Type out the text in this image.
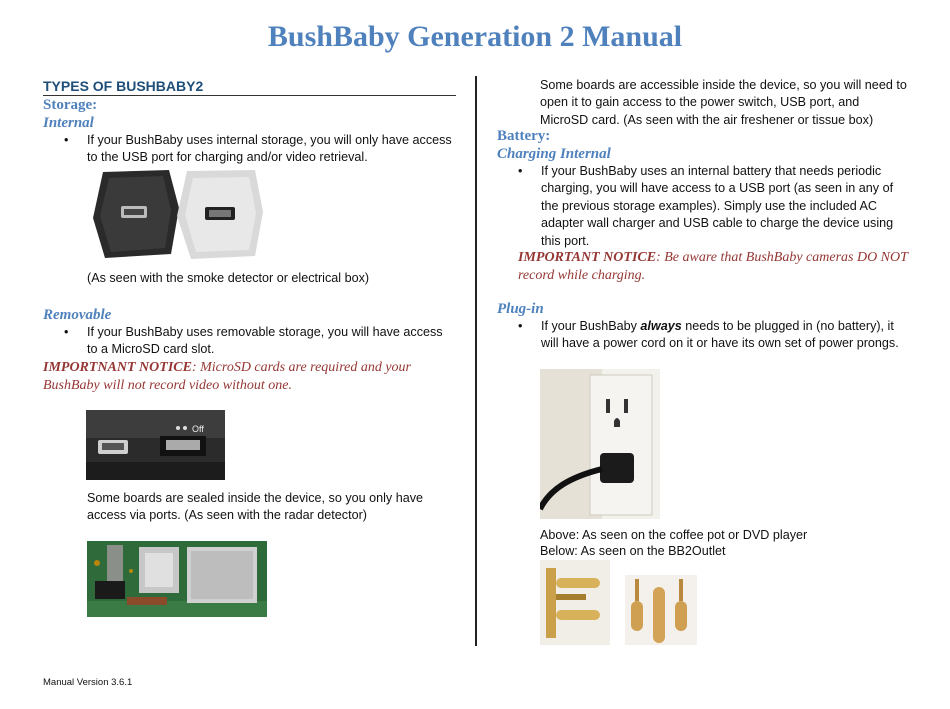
BushBaby Generation 2 Manual
TYPES OF BUSHBABY2
Storage:
Internal
• If your BushBaby uses internal storage, you will only have access to the USB port for charging and/or video retrieval.
(As seen with the smoke detector or electrical box)
Removable
• If your BushBaby uses removable storage, you will have access to a MicroSD card slot.
IMPORTNANT NOTICE: MicroSD cards are required and your BushBaby will not record video without one.
Off
Some boards are sealed inside the device, so you only have access via ports. (As seen with the radar detector)
Some boards are accessible inside the device, so you will need to open it to gain access to the power switch, USB port, and MicroSD card. (As seen with the air freshener or tissue box)
Battery:
Charging Internal
• If your BushBaby uses an internal battery that needs periodic charging, you will have access to a USB port (as seen in any of the previous storage examples). Simply use the included AC adapter wall charger and USB cable to charge the device using this port.
IMPORTANT NOTICE: Be aware that BushBaby cameras DO NOT record while charging.
Plug-in
• If your BushBaby always needs to be plugged in (no battery), it will have a power cord on it or have its own set of power prongs.
Above: As seen on the coffee pot or DVD player
Below: As seen on the BB2Outlet
Manual Version 3.6.1
